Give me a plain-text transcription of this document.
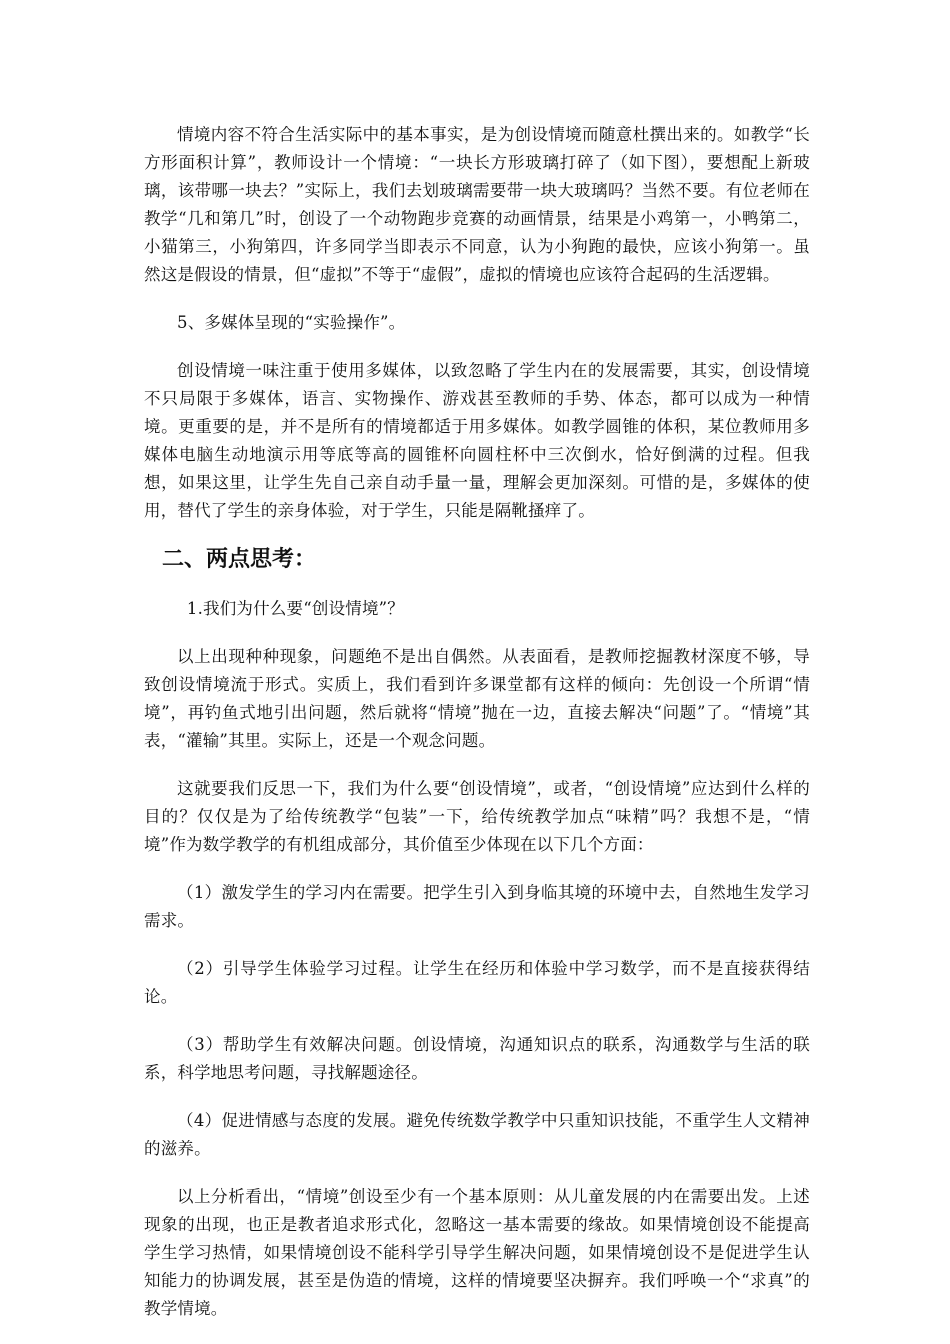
情境内容不符合生活实际中的基本事实，是为创设情境而随意杜撰出来的。如教学“长方形面积计算”，教师设计一个情境：“一块长方形玻璃打碎了（如下图），要想配上新玻璃，该带哪一块去？”实际上，我们去划玻璃需要带一块大玻璃吗？当然不要。有位老师在教学“几和第几”时，创设了一个动物跑步竞赛的动画情景，结果是小鸡第一，小鸭第二，小猫第三，小狗第四，许多同学当即表示不同意，认为小狗跑的最快，应该小狗第一。虽然这是假设的情景，但“虚拟”不等于“虚假”，虚拟的情境也应该符合起码的生活逻辑。

5、多媒体呈现的“实验操作”。

创设情境一味注重于使用多媒体，以致忽略了学生内在的发展需要，其实，创设情境不只局限于多媒体，语言、实物操作、游戏甚至教师的手势、体态，都可以成为一种情境。更重要的是，并不是所有的情境都适于用多媒体。如教学圆锥的体积，某位教师用多媒体电脑生动地演示用等底等高的圆锥杯向圆柱杯中三次倒水，恰好倒满的过程。但我想，如果这里，让学生先自己亲自动手量一量，理解会更加深刻。可惜的是，多媒体的使用，替代了学生的亲身体验，对于学生，只能是隔靴搔痒了。

二、两点思考：

1.我们为什么要“创设情境”？

以上出现种种现象，问题绝不是出自偶然。从表面看，是教师挖掘教材深度不够，导致创设情境流于形式。实质上，我们看到许多课堂都有这样的倾向：先创设一个所谓“情境”，再钓鱼式地引出问题，然后就将“情境”抛在一边，直接去解决“问题”了。“情境”其表，“灌输”其里。实际上，还是一个观念问题。

这就要我们反思一下，我们为什么要“创设情境”，或者，“创设情境”应达到什么样的目的？仅仅是为了给传统教学“包装”一下，给传统教学加点“味精”吗？我想不是，“情境”作为数学教学的有机组成部分，其价值至少体现在以下几个方面：

（1）激发学生的学习内在需要。把学生引入到身临其境的环境中去，自然地生发学习需求。

（2）引导学生体验学习过程。让学生在经历和体验中学习数学，而不是直接获得结论。

（3）帮助学生有效解决问题。创设情境，沟通知识点的联系，沟通数学与生活的联系，科学地思考问题，寻找解题途径。

（4）促进情感与态度的发展。避免传统数学教学中只重知识技能，不重学生人文精神的滋养。

以上分析看出，“情境”创设至少有一个基本原则：从儿童发展的内在需要出发。上述现象的出现，也正是教者追求形式化，忽略这一基本需要的缘故。如果情境创设不能提高学生学习热情，如果情境创设不能科学引导学生解决问题，如果情境创设不是促进学生认知能力的协调发展，甚至是伪造的情境，这样的情境要坚决摒弃。我们呼唤一个“求真”的教学情境。
